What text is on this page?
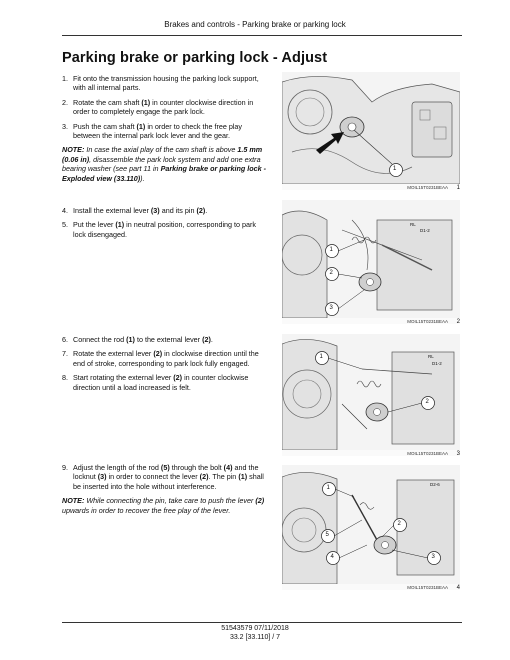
Brakes and controls - Parking brake or parking lock
Parking brake or parking lock - Adjust
1. Fit onto the transmission housing the parking lock support, with all internal parts.
2. Rotate the cam shaft (1) in counter clockwise direction in order to completely engage the park lock.
3. Push the cam shaft (1) in order to check the free play between the internal park lock lever and the gear.
NOTE: In case the axial play of the cam shaft is above 1.5 mm (0.06 in), disassemble the park lock system and add one extra bearing washer (see part 11 in Parking brake or parking lock - Exploded view (33.110)).
4. Install the external lever (3) and its pin (2).
5. Put the lever (1) in neutral position, corresponding to park lock disengaged.
6. Connect the rod (1) to the external lever (2).
7. Rotate the external lever (2) in clockwise direction until the end of stroke, corresponding to park lock fully engaged.
8. Start rotating the external lever (2) in counter clockwise direction until a load increased is felt.
9. Adjust the length of the rod (5) through the bolt (4) and the locknut (3) in order to connect the lever (2). The pin (1) shall be inserted into the hole without interference.
NOTE: While connecting the pin, take care to push the lever (2) upwards in order to recover the free play of the lever.
1
MOIL15T0231BEAA 1
1
2
3
RL
D1-2
MOIL15T0231BEAA 2
1
2
RL
D1-2
MOIL15T0231BEAA 3
1
2
3
4
5
D2-6
MOIL15T0231BEAA 4
51543579 07/11/2018
33.2 [33.110] / 7
